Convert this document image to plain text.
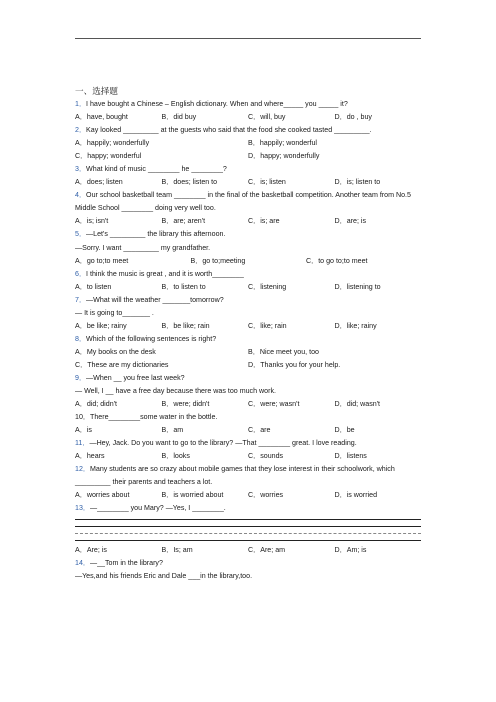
一、选择题
1．I have bought a Chinese – English dictionary. When and where_____ you _____ it?
A．have, bought	B．did buy	C．will, buy	D．do , buy
2．Kay looked _________ at the guests who said that the food she cooked tasted _________.
A．happily; wonderfully	B．happily; wonderful
C．happy; wonderful	D．happy; wonderfully
3．What kind of music ________ he ________?
A．does; listen	B．does; listen to	C．is; listen	D．is; listen to
4．Our school basketball team ________ in the final of the basketball competition. Another team from No.5 Middle School ________ doing very well too.
A．is; isn't	B．are; aren't	C．is; are	D．are; is
5．—Let's _________ the library this afternoon.
—Sorry. I want _________ my grandfather.
A．go to;to meet	B．go to;meeting	C．to go to;to meet
6．I think the music is great , and it is worth________
A．to listen	B．to listen to	C．listening	D．listening to
7．—What will the weather _______tomorrow?
— It is going to_______ .
A．be like; rainy	B．be like; rain	C．like; rain	D．like; rainy
8．Which of the following sentences is right?
A．My books on the desk	B．Nice meet you, too
C．These are my dictionaries	D．Thanks you for your help.
9．—When __ you free last week?
— Well, I __ have a free day because there was too much work.
A．did; didn't	B．were; didn't	C．were; wasn't	D．did; wasn't
10．There________some water in the bottle.
A．is	B．am	C．are	D．be
11．—Hey, Jack. Do you want to go to the library? —That ________ great. I love reading.
A．hears	B．looks	C．sounds	D．listens
12．Many students are so crazy about mobile games that they lose interest in their schoolwork, which _________ their parents and teachers a lot.
A．worries about	B．is worried about	C．worries	D．is worried
13．—________ you Mary? —Yes, I ________.
A．Are; is	B．Is; am	C．Are; am	D．Am; is
14．—__Tom in the library?
—Yes,and his friends Eric and Dale ___in the library,too.
